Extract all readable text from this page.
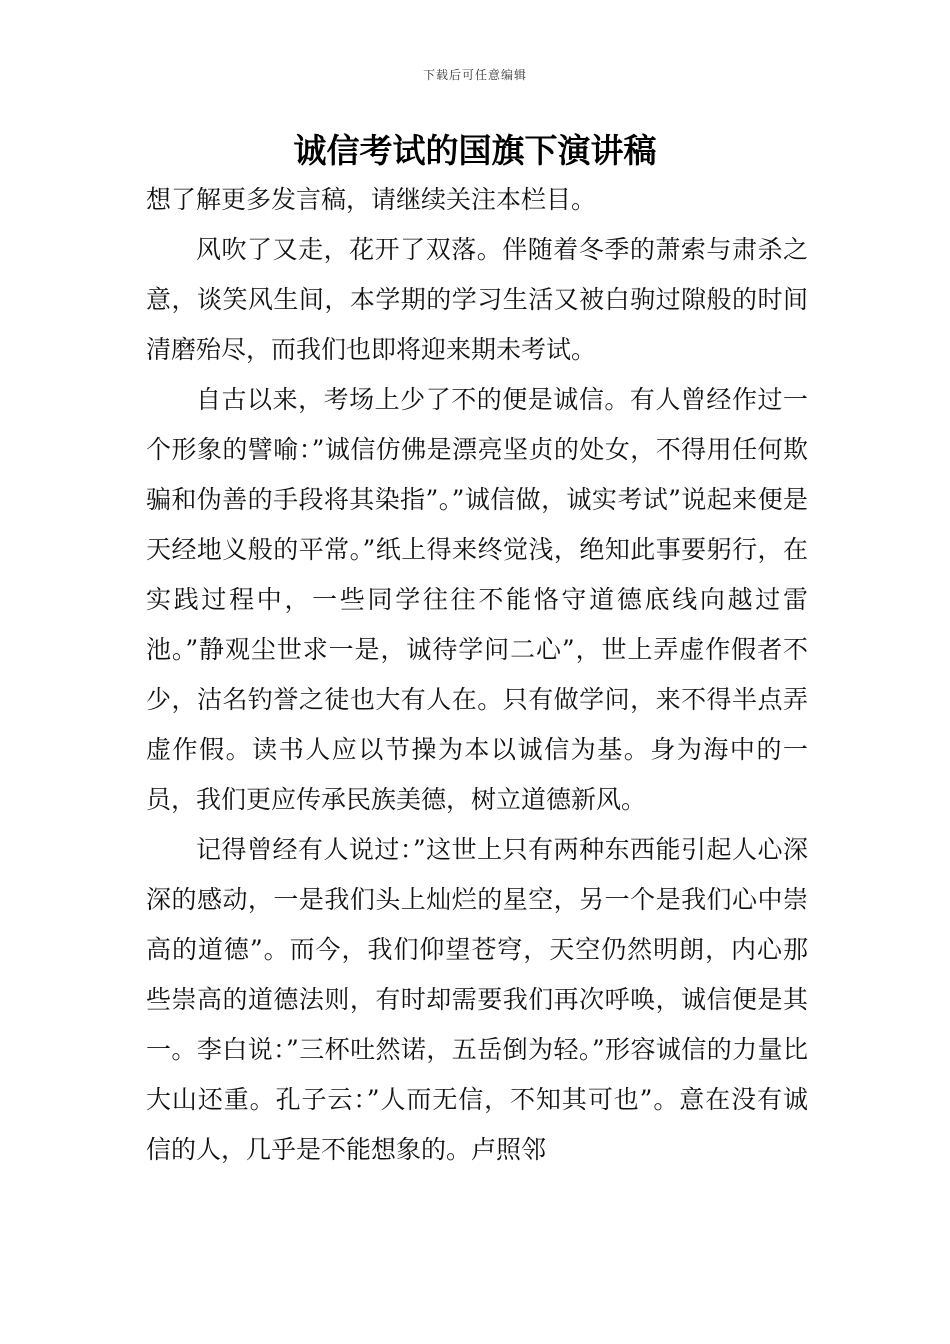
下载后可任意编辑
诚信考试的国旗下演讲稿

想了解更多发言稿，请继续关注本栏目。

风吹了又走，花开了双落。伴随着冬季的萧索与肃杀之意，谈笑风生间，本学期的学习生活又被白驹过隙般的时间清磨殆尽，而我们也即将迎来期未考试。

自古以来，考场上少了不的便是诚信。有人曾经作过一个形象的譬喻：”诚信仿佛是漂亮坚贞的处女，不得用任何欺骗和伪善的手段将其染指”。”诚信做，诚实考试”说起来便是天经地义般的平常。”纸上得来终觉浅，绝知此事要躬行，在实践过程中，一些同学往往不能恪守道德底线向越过雷池。”静观尘世求一是，诚待学问二心”，世上弄虚作假者不少，沽名钓誉之徒也大有人在。只有做学问，来不得半点弄虚作假。读书人应以节操为本以诚信为基。身为海中的一员，我们更应传承民族美德，树立道德新风。

记得曾经有人说过：”这世上只有两种东西能引起人心深深的感动，一是我们头上灿烂的星空，另一个是我们心中崇高的道德”。而今，我们仰望苍穹，天空仍然明朗，内心那些崇高的道德法则，有时却需要我们再次呼唤，诚信便是其一。李白说：”三杯吐然诺，五岳倒为轻。”形容诚信的力量比大山还重。孔子云：”人而无信，不知其可也”。意在没有诚信的人，几乎是不能想象的。卢照邻
